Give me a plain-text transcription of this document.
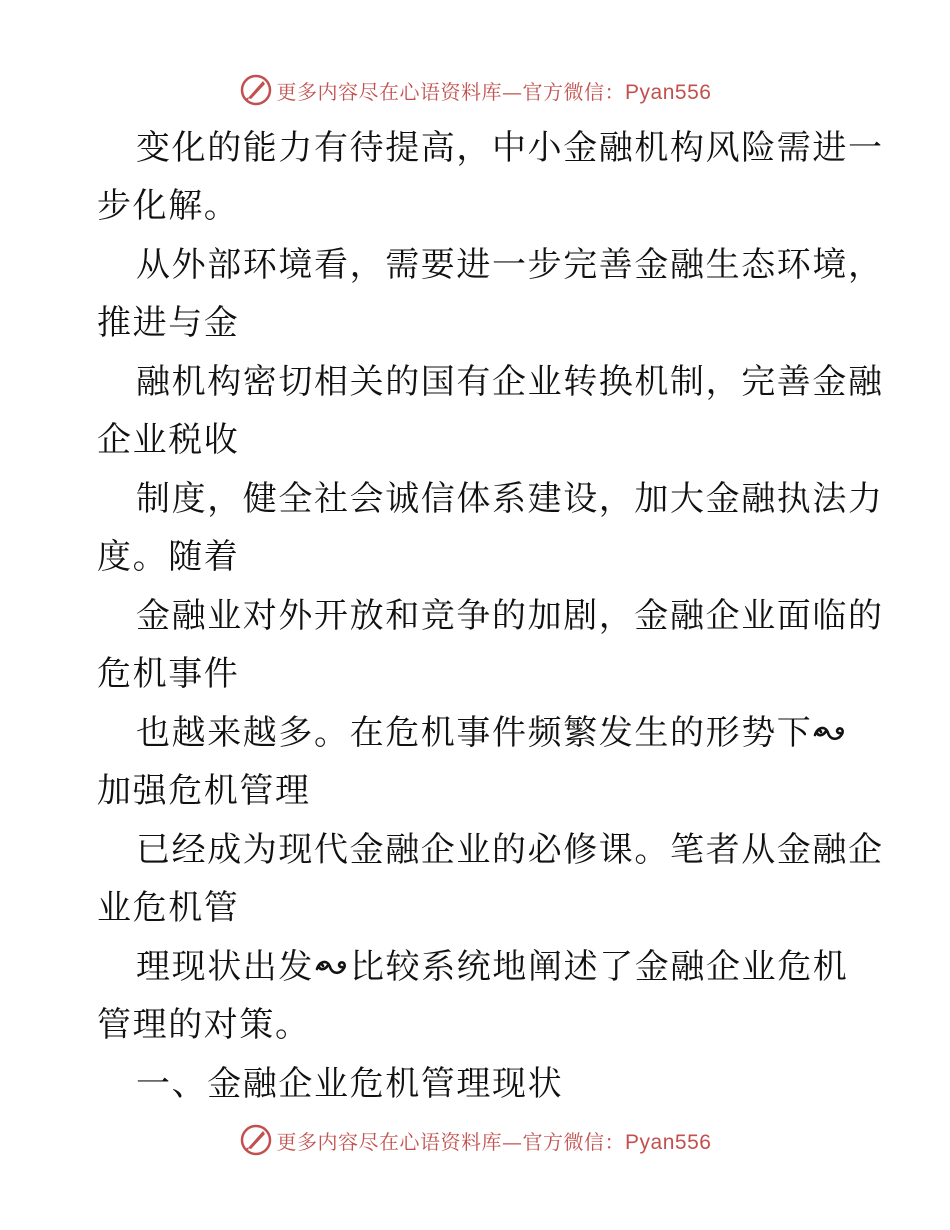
更多内容尽在心语资料库—官方微信：Pyan556
变化的能力有待提高，中小金融机构风险需进一
步化解。
从外部环境看，需要进一步完善金融生态环境，
推进与金
融机构密切相关的国有企业转换机制，完善金融
企业税收
制度，健全社会诚信体系建设，加大金融执法力
度。随着
金融业对外开放和竞争的加剧，金融企业面临的
危机事件
也越来越多。在危机事件频繁发生的形势下
加强危机管理
已经成为现代金融企业的必修课。笔者从金融企
业危机管
理现状出发 比较系统地阐述了金融企业危机
管理的对策。
一、金融企业危机管理现状
更多内容尽在心语资料库—官方微信：Pyan556
